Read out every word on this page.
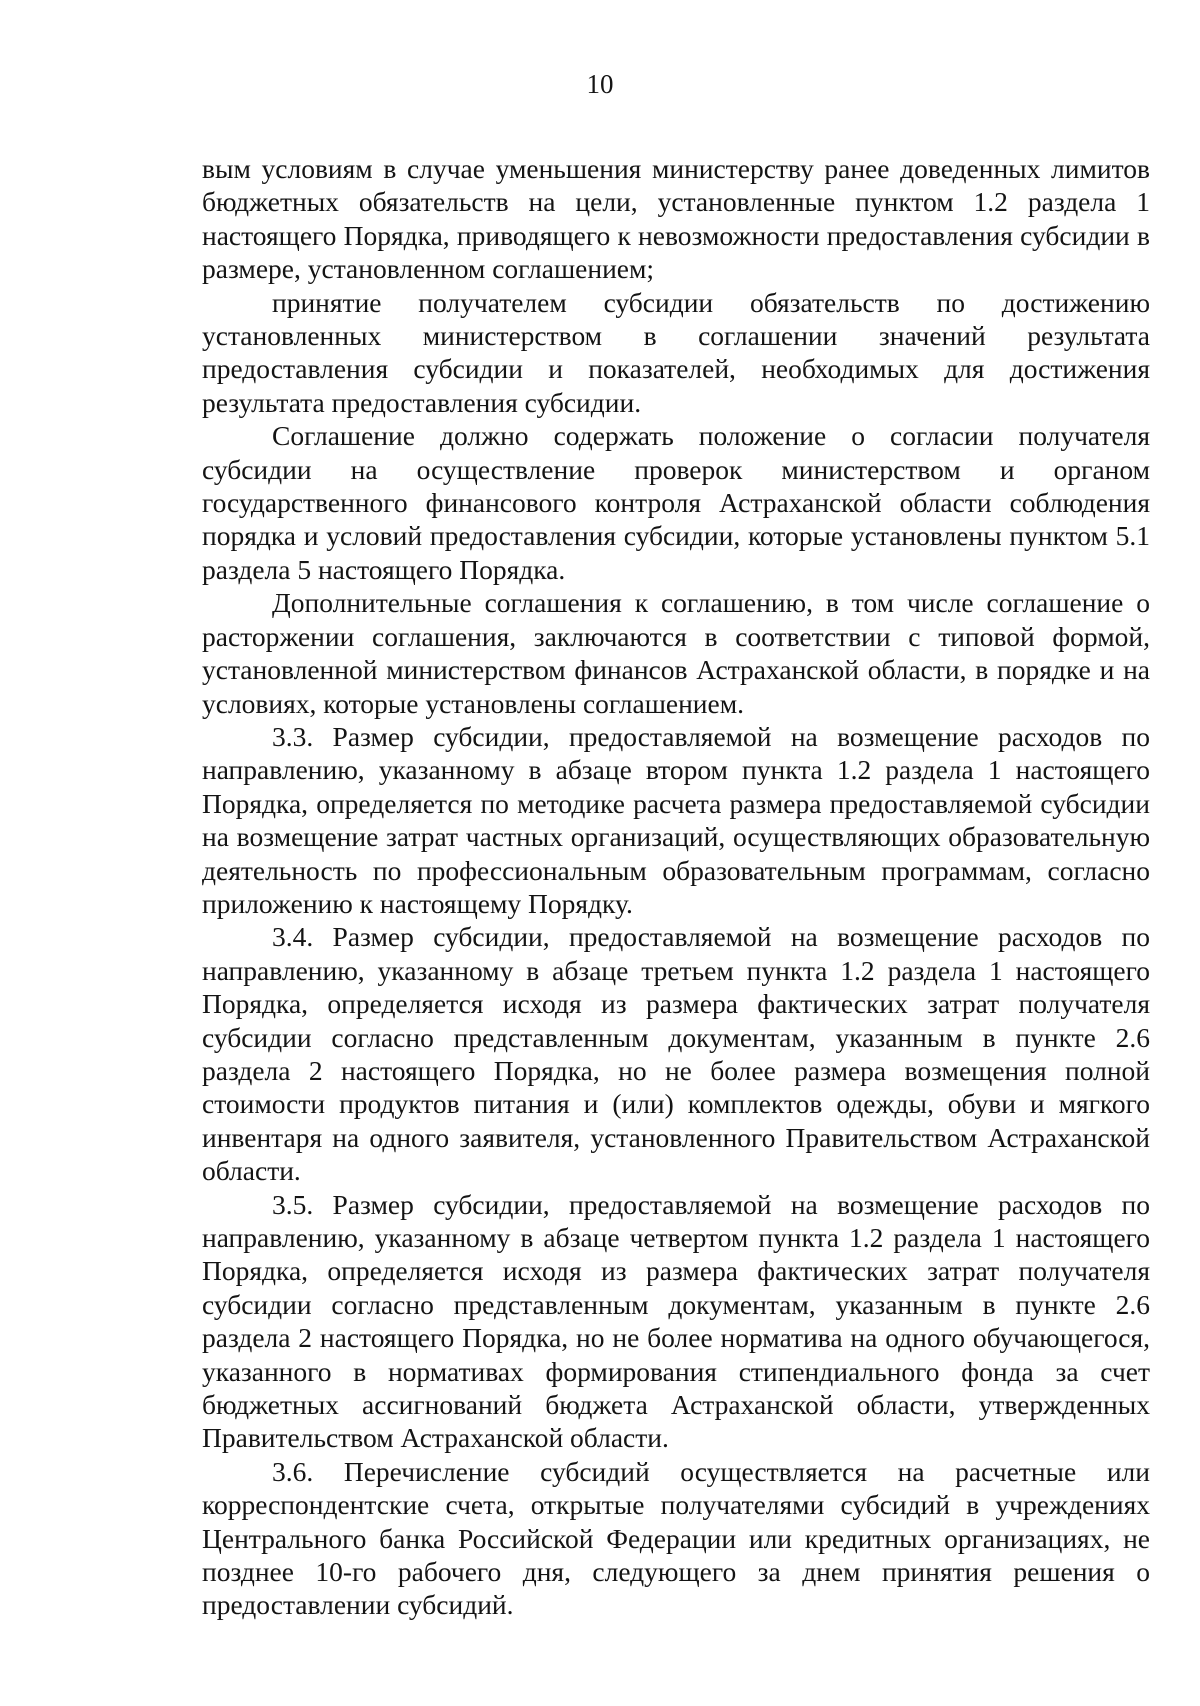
10

вым условиям в случае уменьшения министерству ранее доведенных лимитов бюджетных обязательств на цели, установленные пунктом 1.2 раздела 1 настоящего Порядка, приводящего к невозможности предоставления субсидии в размере, установленном соглашением;

принятие получателем субсидии обязательств по достижению установленных министерством в соглашении значений результата предоставления субсидии и показателей, необходимых для достижения результата предоставления субсидии.

Соглашение должно содержать положение о согласии получателя субсидии на осуществление проверок министерством и органом государственного финансового контроля Астраханской области соблюдения порядка и условий предоставления субсидии, которые установлены пунктом 5.1 раздела 5 настоящего Порядка.

Дополнительные соглашения к соглашению, в том числе соглашение о расторжении соглашения, заключаются в соответствии с типовой формой, установленной министерством финансов Астраханской области, в порядке и на условиях, которые установлены соглашением.

3.3. Размер субсидии, предоставляемой на возмещение расходов по направлению, указанному в абзаце втором пункта 1.2 раздела 1 настоящего Порядка, определяется по методике расчета размера предоставляемой субсидии на возмещение затрат частных организаций, осуществляющих образовательную деятельность по профессиональным образовательным программам, согласно приложению к настоящему Порядку.

3.4. Размер субсидии, предоставляемой на возмещение расходов по направлению, указанному в абзаце третьем пункта 1.2 раздела 1 настоящего Порядка, определяется исходя из размера фактических затрат получателя субсидии согласно представленным документам, указанным в пункте 2.6 раздела 2 настоящего Порядка, но не более размера возмещения полной стоимости продуктов питания и (или) комплектов одежды, обуви и мягкого инвентаря на одного заявителя, установленного Правительством Астраханской области.

3.5. Размер субсидии, предоставляемой на возмещение расходов по направлению, указанному в абзаце четвертом пункта 1.2 раздела 1 настоящего Порядка, определяется исходя из размера фактических затрат получателя субсидии согласно представленным документам, указанным в пункте 2.6 раздела 2 настоящего Порядка, но не более норматива на одного обучающегося, указанного в нормативах формирования стипендиального фонда за счет бюджетных ассигнований бюджета Астраханской области, утвержденных Правительством Астраханской области.

3.6. Перечисление субсидий осуществляется на расчетные или корреспондентские счета, открытые получателями субсидий в учреждениях Центрального банка Российской Федерации или кредитных организациях, не позднее 10-го рабочего дня, следующего за днем принятия решения о предоставлении субсидий.
